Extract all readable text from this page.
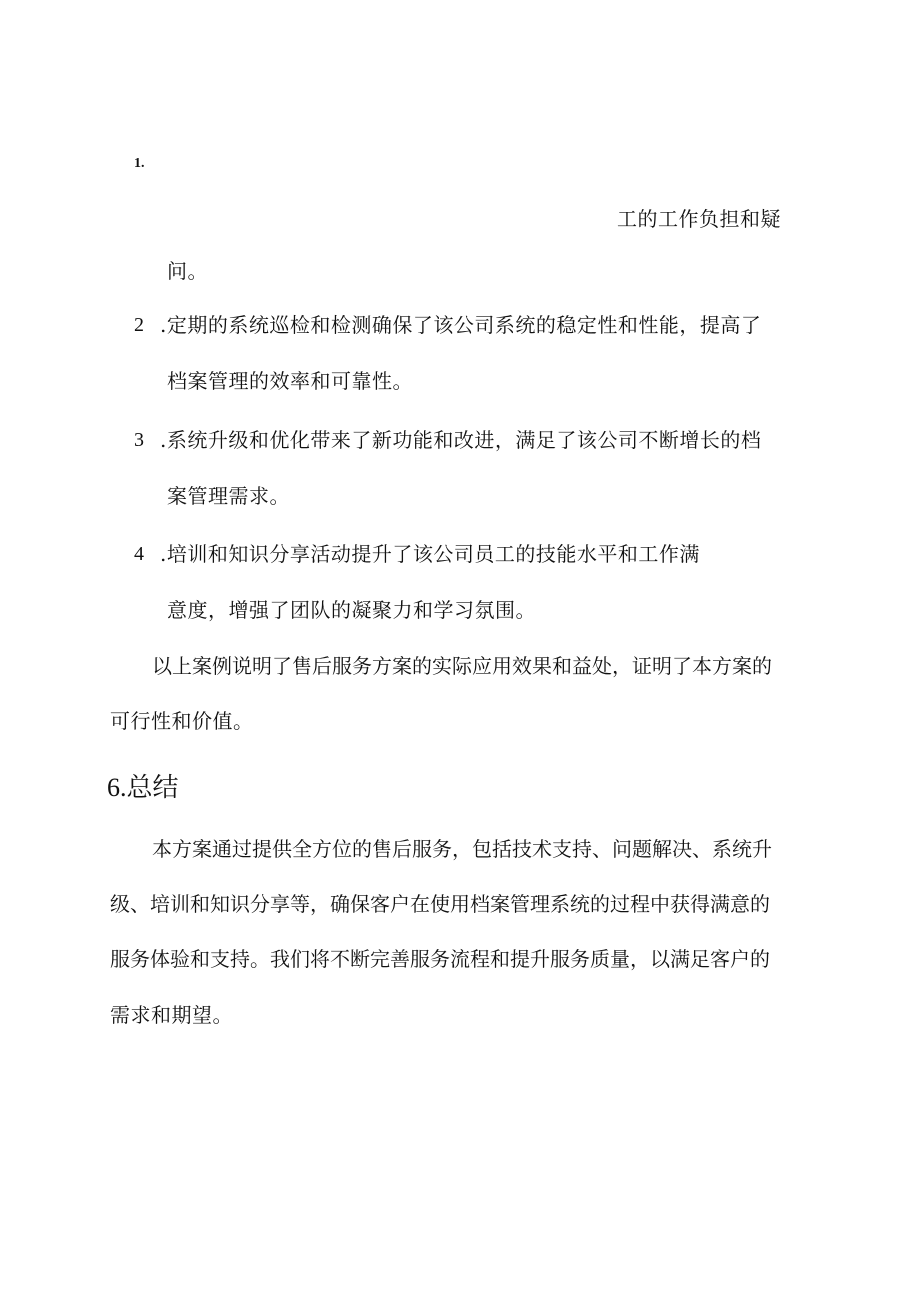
1.
工的工作负担和疑
问。
2 .定期的系统巡检和检测确保了该公司系统的稳定性和性能，提高了
档案管理的效率和可靠性。
3 .系统升级和优化带来了新功能和改进，满足了该公司不断增长的档
案管理需求。
4 .培训和知识分享活动提升了该公司员工的技能水平和工作满
意度，增强了团队的凝聚力和学习氛围。
以上案例说明了售后服务方案的实际应用效果和益处，证明了本方案的
可行性和价值。
6.总结
本方案通过提供全方位的售后服务，包括技术支持、问题解决、系统升
级、培训和知识分享等，确保客户在使用档案管理系统的过程中获得满意的
服务体验和支持。我们将不断完善服务流程和提升服务质量，以满足客户的
需求和期望。
